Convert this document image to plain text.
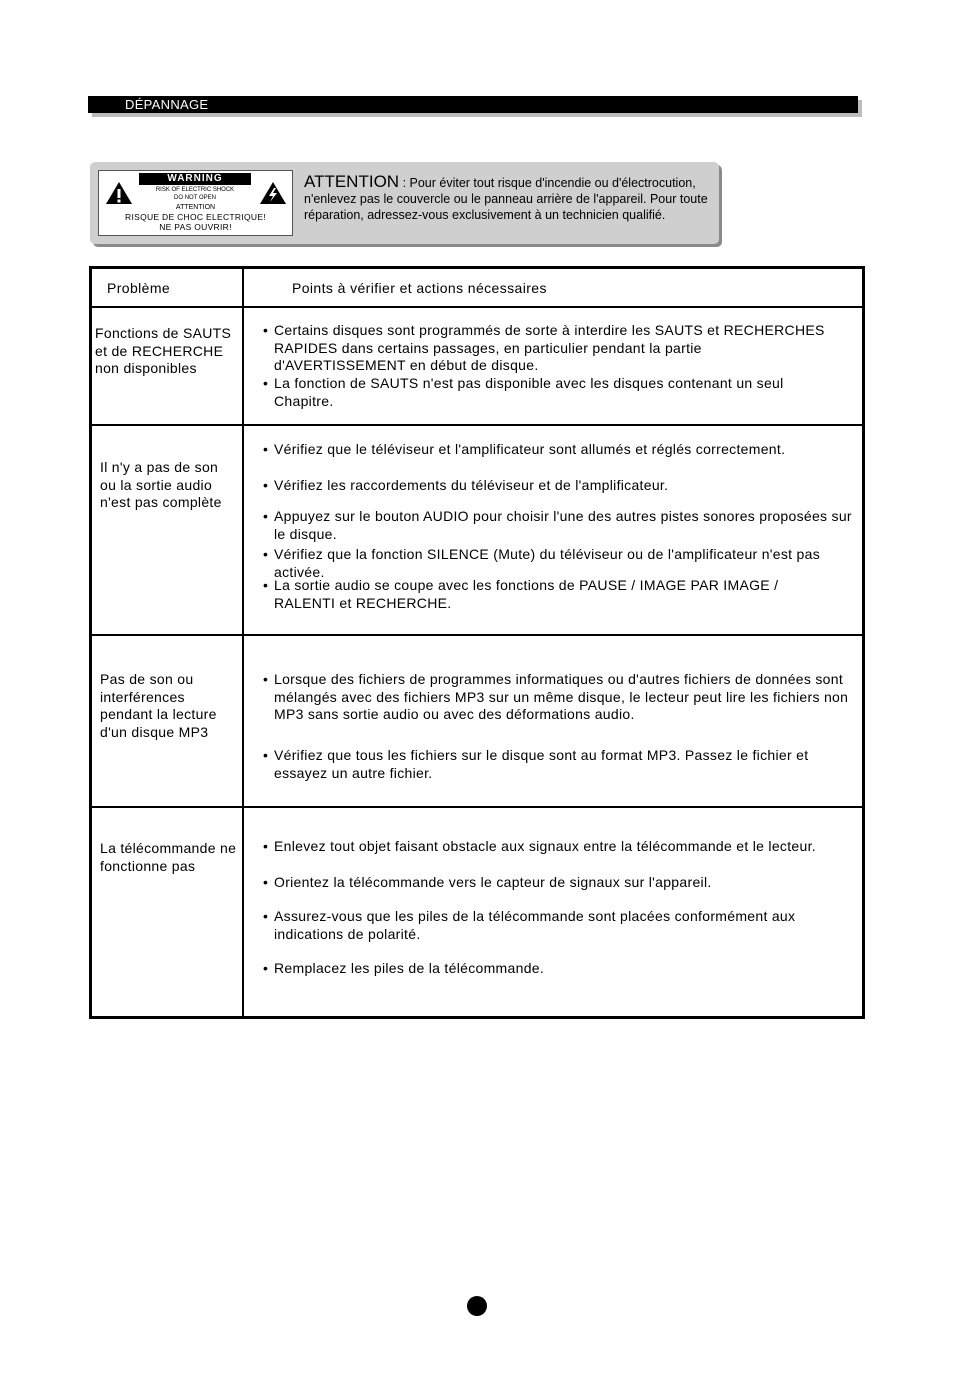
DÉPANNAGE
WARNING
RISK OF ELECTRIC SHOCK
DO NOT OPEN
ATTENTION
RISQUE DE CHOC ELECTRIQUE!
NE PAS OUVRIR!
ATTENTION : Pour éviter tout risque d'incendie ou d'électrocution, n'enlevez pas le couvercle ou le panneau arrière de l'appareil. Pour toute réparation, adressez-vous exclusivement à un technicien qualifié.
Problème	Points à vérifier et actions nécessaires
Fonctions de SAUTS et de RECHERCHE non disponibles
• Certains disques sont programmés de sorte à interdire les SAUTS et RECHERCHES RAPIDES dans certains passages, en particulier pendant la partie d'AVERTISSEMENT en début de disque.
• La fonction de SAUTS n'est pas disponible avec les disques contenant un seul Chapitre.
Il n'y a pas de son ou la sortie audio n'est pas complète
• Vérifiez que le téléviseur et l'amplificateur sont allumés et réglés correctement.
• Vérifiez les raccordements du téléviseur et de l'amplificateur.
• Appuyez sur le bouton AUDIO pour choisir l'une des autres pistes sonores proposées sur le disque.
• Vérifiez que la fonction SILENCE (Mute) du téléviseur ou de l'amplificateur n'est pas activée.
• La sortie audio se coupe avec les fonctions de PAUSE / IMAGE PAR IMAGE / RALENTI et RECHERCHE.
Pas de son ou interférences pendant la lecture d'un disque MP3
• Lorsque des fichiers de programmes informatiques ou d'autres fichiers de données sont mélangés avec des fichiers MP3 sur un même disque, le lecteur peut lire les fichiers non MP3 sans sortie audio ou avec des déformations audio.
• Vérifiez que tous les fichiers sur le disque sont au format MP3. Passez le fichier et essayez un autre fichier.
La télécommande ne fonctionne pas
• Enlevez tout objet faisant obstacle aux signaux entre la télécommande et le lecteur.
• Orientez la télécommande vers le capteur de signaux sur l'appareil.
• Assurez-vous que les piles de la télécommande sont placées conformément aux indications de polarité.
• Remplacez les piles de la télécommande.
